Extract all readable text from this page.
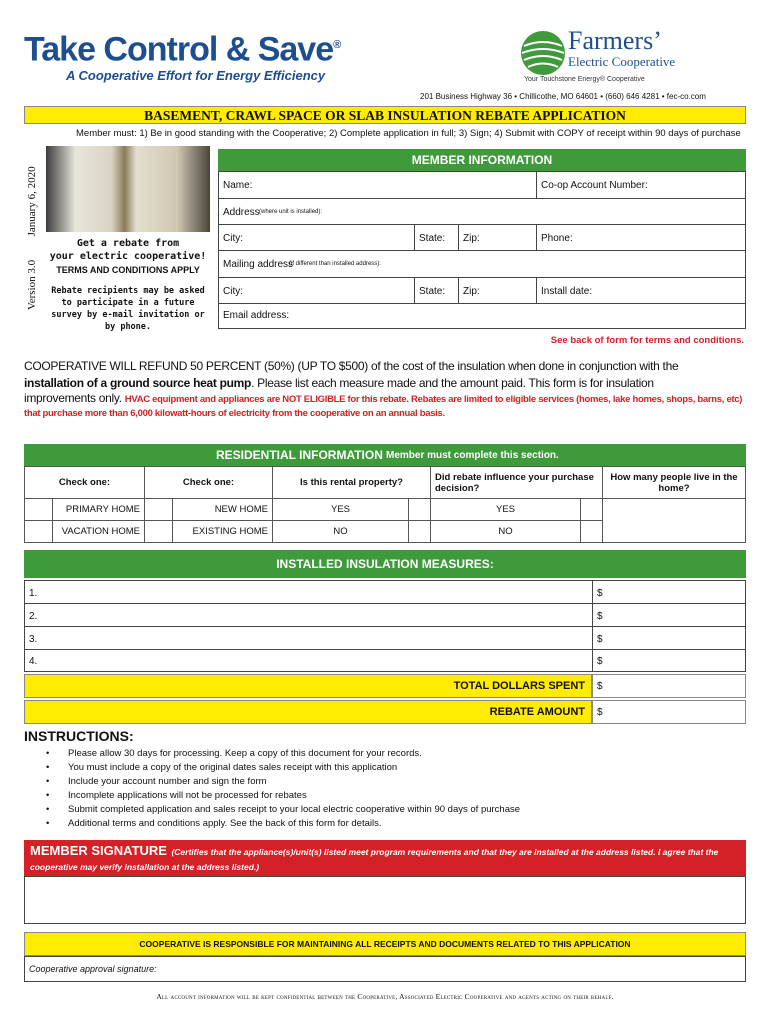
Take Control & Save®
A Cooperative Effort for Energy Efficiency
Farmers’
Electric Cooperative
Your Touchstone Energy® Cooperative
201 Business Highway 36 • Chillicothe, MO 64601 • (660) 646 4281 • fec-co.com
BASEMENT, CRAWL SPACE OR SLAB INSULATION REBATE APPLICATION
Member must: 1) Be in good standing with the Cooperative; 2) Complete application in full; 3) Sign; 4) Submit with COPY of receipt within 90 days of purchase
Version 3.0  January 6, 2020
Get a rebate from
your electric cooperative!
TERMS AND CONDITIONS APPLY
Rebate recipients may be asked to participate in a future survey by e-mail invitation or by phone.
MEMBER INFORMATION
Name:	Co-op Account Number:
Address (where unit is installed):
City:	State: Zip:	Phone:
Mailing address
(if different than installed address):
City:	State: Zip:	Install date:
Email address:
See back of form for terms and conditions.
COOPERATIVE WILL REFUND 50 PERCENT (50%) (UP TO $500) of the cost of the insulation when done in conjunction with the
installation of a ground source heat pump. Please list each measure made and the amount paid. This form is for insulation
improvements only. HVAC equipment and appliances are NOT ELIGIBLE for this rebate. Rebates are limited to eligible services (homes, lake homes, shops, barns, etc) that purchase more than 6,000 kilowatt-hours of electricity from the cooperative on an annual basis.
RESIDENTIAL INFORMATION Member must complete this section.
Check one:		Check one:		Is this rental property?		Did rebate influence your purchase decision?		How many people live in the home?
	PRIMARY HOME		NEW HOME	YES		YES		
	VACATION HOME		EXISTING HOME	NO		NO		
INSTALLED INSULATION MEASURES:
1.	$
2.	$
3.	$
4.	$
TOTAL DOLLARS SPENT	$
REBATE AMOUNT	$
INSTRUCTIONS:
• Please allow 30 days for processing. Keep a copy of this document for your records.
• You must include a copy of the original dates sales receipt with this application
• Include your account number and sign the form
• Incomplete applications will not be processed for rebates
• Submit completed application and sales receipt to your local electric cooperative within 90 days of purchase
• Additional terms and conditions apply. See the back of this form for details.
MEMBER SIGNATURE (Certifies that the appliance(s)/unit(s) listed meet program requirements and that they are installed at the address listed. I agree that the cooperative may verify installation at the address listed.)
COOPERATIVE IS RESPONSIBLE FOR MAINTAINING ALL RECEIPTS AND DOCUMENTS RELATED TO THIS APPLICATION
Cooperative approval signature:
All account information will be kept confidential between the Cooperative, Associated Electric Cooperative and agents acting on their behalf.
